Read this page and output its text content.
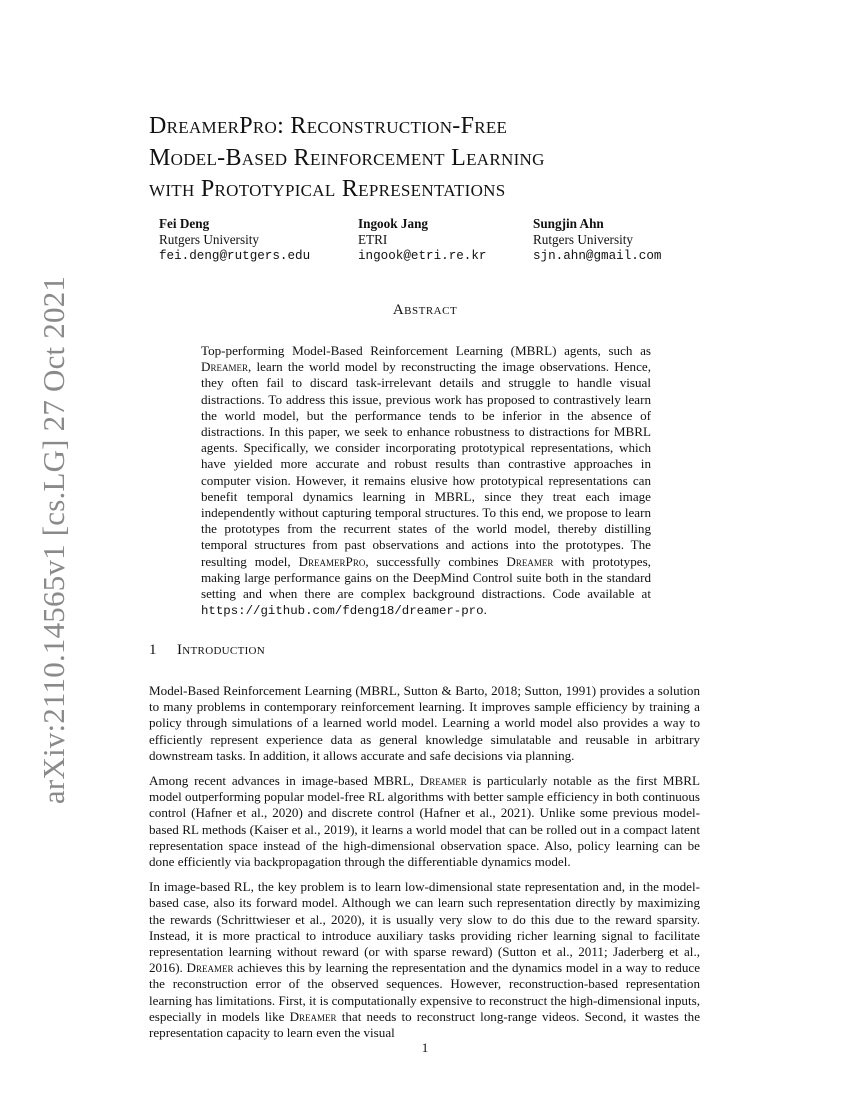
arXiv:2110.14565v1 [cs.LG] 27 Oct 2021
DreamerPro: Reconstruction-Free
Model-Based Reinforcement Learning
with Prototypical Representations
Fei Deng
Rutgers University
fei.deng@rutgers.edu
Ingook Jang
ETRI
ingook@etri.re.kr
Sungjin Ahn
Rutgers University
sjn.ahn@gmail.com
Abstract
Top-performing Model-Based Reinforcement Learning (MBRL) agents, such as Dreamer, learn the world model by reconstructing the image observations. Hence, they often fail to discard task-irrelevant details and struggle to handle visual distractions. To address this issue, previous work has proposed to contrastively learn the world model, but the performance tends to be inferior in the absence of distractions. In this paper, we seek to enhance robustness to distractions for MBRL agents. Specifically, we consider incorporating prototypical representations, which have yielded more accurate and robust results than contrastive approaches in computer vision. However, it remains elusive how prototypical representations can benefit temporal dynamics learning in MBRL, since they treat each image independently without capturing temporal structures. To this end, we propose to learn the prototypes from the recurrent states of the world model, thereby distilling temporal structures from past observations and actions into the prototypes. The resulting model, DreamerPro, successfully combines Dreamer with prototypes, making large performance gains on the DeepMind Control suite both in the standard setting and when there are complex background distractions. Code available at https://github.com/fdeng18/dreamer-pro.
1 Introduction

Model-Based Reinforcement Learning (MBRL, Sutton & Barto, 2018; Sutton, 1991) provides a solution to many problems in contemporary reinforcement learning. It improves sample efficiency by training a policy through simulations of a learned world model. Learning a world model also provides a way to efficiently represent experience data as general knowledge simulatable and reusable in arbitrary downstream tasks. In addition, it allows accurate and safe decisions via planning.

Among recent advances in image-based MBRL, Dreamer is particularly notable as the first MBRL model outperforming popular model-free RL algorithms with better sample efficiency in both continuous control (Hafner et al., 2020) and discrete control (Hafner et al., 2021). Unlike some previous model-based RL methods (Kaiser et al., 2019), it learns a world model that can be rolled out in a compact latent representation space instead of the high-dimensional observation space. Also, policy learning can be done efficiently via backpropagation through the differentiable dynamics model.

In image-based RL, the key problem is to learn low-dimensional state representation and, in the model-based case, also its forward model. Although we can learn such representation directly by maximizing the rewards (Schrittwieser et al., 2020), it is usually very slow to do this due to the reward sparsity. Instead, it is more practical to introduce auxiliary tasks providing richer learning signal to facilitate representation learning without reward (or with sparse reward) (Sutton et al., 2011; Jaderberg et al., 2016). Dreamer achieves this by learning the representation and the dynamics model in a way to reduce the reconstruction error of the observed sequences. However, reconstruction-based representation learning has limitations. First, it is computationally expensive to reconstruct the high-dimensional inputs, especially in models like Dreamer that needs to reconstruct long-range videos. Second, it wastes the representation capacity to learn even the visual

1
